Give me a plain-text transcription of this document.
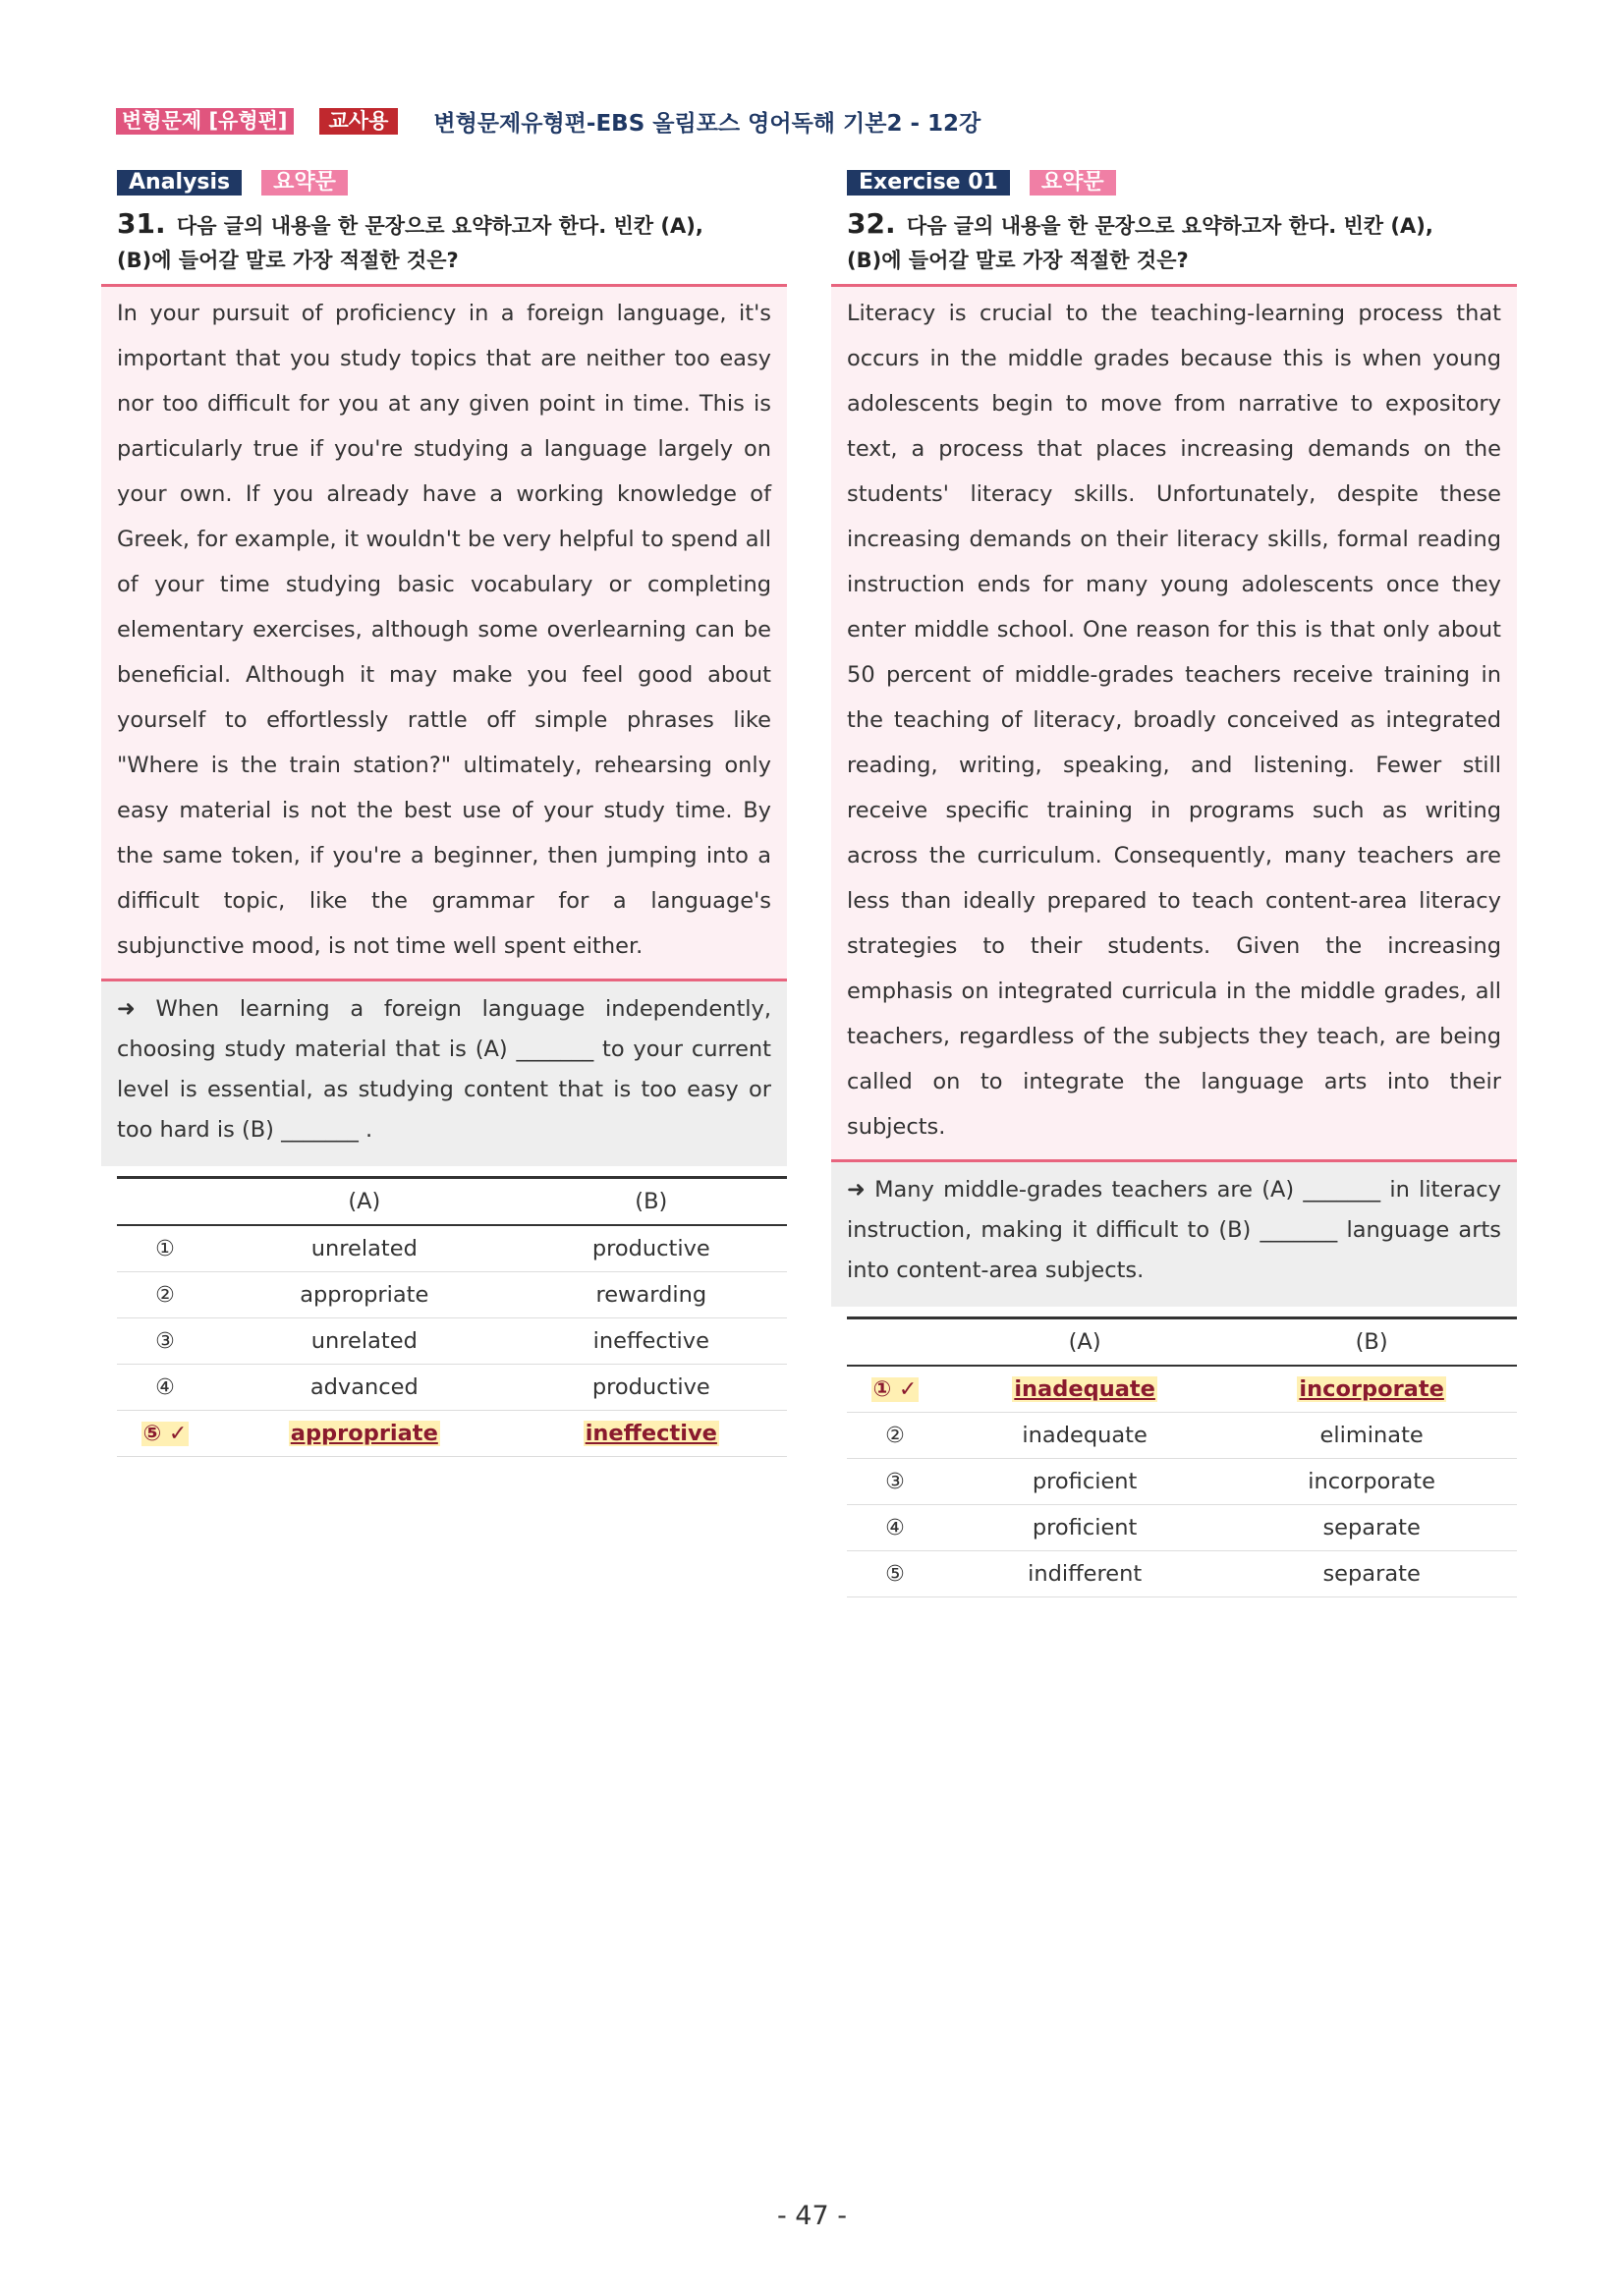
변형문제 [유형편]	교사용	변형문제유형편-EBS 올림포스 영어독해 기본2 - 12강
Analysis	요약문
31. 다음 글의 내용을 한 문장으로 요약하고자 한다. 빈칸 (A),
(B)에 들어갈 말로 가장 적절한 것은?
In your pursuit of proficiency in a foreign language, it's important that you study topics that are neither too easy nor too difficult for you at any given point in time. This is particularly true if you're studying a language largely on your own. If you already have a working knowledge of Greek, for example, it wouldn't be very helpful to spend all of your time studying basic vocabulary or completing elementary exercises, although some overlearning can be beneficial. Although it may make you feel good about yourself to effortlessly rattle off simple phrases like "Where is the train station?" ultimately, rehearsing only easy material is not the best use of your study time. By the same token, if you're a beginner, then jumping into a difficult topic, like the grammar for a language's subjunctive mood, is not time well spent either.
➜ When learning a foreign language independently, choosing study material that is (A) _______ to your current level is essential, as studying content that is too easy or too hard is (B) _______ .
	(A)	(B)
①	unrelated	productive
②	appropriate	rewarding
③	unrelated	ineffective
④	advanced	productive
⑤ ✓	appropriate	ineffective
Exercise 01	요약문
32. 다음 글의 내용을 한 문장으로 요약하고자 한다. 빈칸 (A),
(B)에 들어갈 말로 가장 적절한 것은?
Literacy is crucial to the teaching-learning process that occurs in the middle grades because this is when young adolescents begin to move from narrative to expository text, a process that places increasing demands on the students' literacy skills. Unfortunately, despite these increasing demands on their literacy skills, formal reading instruction ends for many young adolescents once they enter middle school. One reason for this is that only about 50 percent of middle-grades teachers receive training in the teaching of literacy, broadly conceived as integrated reading, writing, speaking, and listening. Fewer still receive specific training in programs such as writing across the curriculum. Consequently, many teachers are less than ideally prepared to teach content-area literacy strategies to their students. Given the increasing emphasis on integrated curricula in the middle grades, all teachers, regardless of the subjects they teach, are being called on to integrate the language arts into their subjects.
➜ Many middle-grades teachers are (A) _______ in literacy instruction, making it difficult to (B) _______ language arts into content-area subjects.
	(A)	(B)
① ✓	inadequate	incorporate
②	inadequate	eliminate
③	proficient	incorporate
④	proficient	separate
⑤	indifferent	separate
- 47 -
